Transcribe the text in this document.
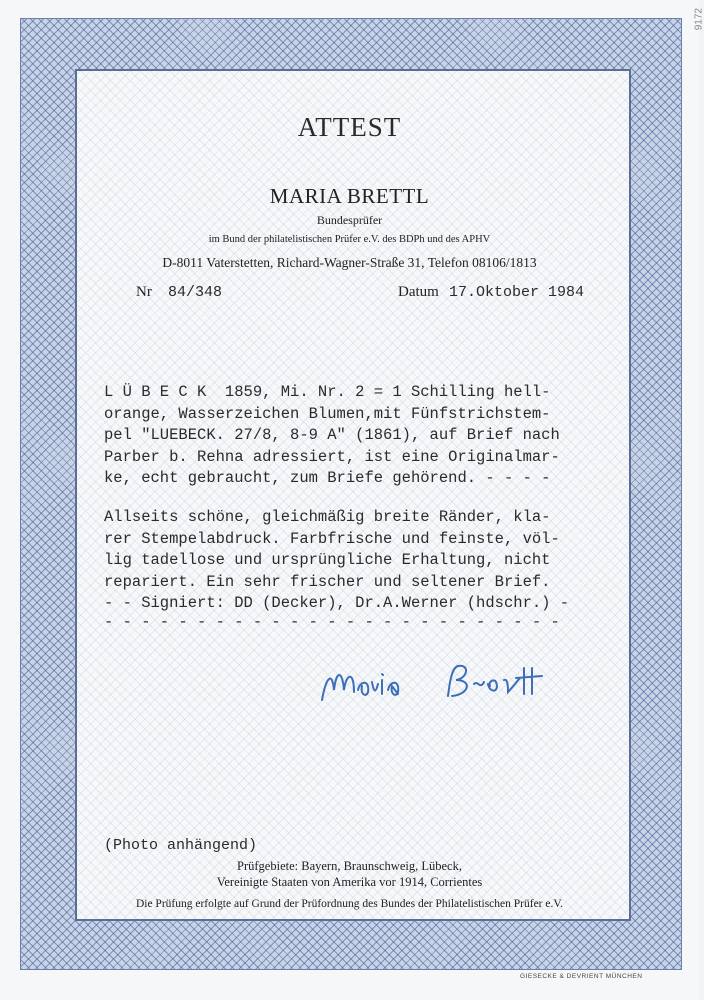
9172
ATTEST
MARIA BRETTL
Bundesprüfer
im Bund der philatelistischen Prüfer e.V. des BDPh und des APHV
D-8011 Vaterstetten, Richard-Wagner-Straße 31, Telefon 08106/1813
Nr 84/348	Datum 17.Oktober 1984
L Ü B E C K  1859, Mi. Nr. 2 = 1 Schilling hell-
orange, Wasserzeichen Blumen,mit Fünfstrichstem-
pel "LUEBECK. 27/8, 8-9 A" (1861), auf Brief nach
Parber b. Rehna adressiert, ist eine Originalmar-
ke, echt gebraucht, zum Briefe gehörend. - - - -
Allseits schöne, gleichmäßig breite Ränder, kla-
rer Stempelabdruck. Farbfrische und feinste, völ-
lig tadellose und ursprüngliche Erhaltung, nicht
repariert. Ein sehr frischer und seltener Brief.
- - Signiert: DD (Decker), Dr.A.Werner (hdschr.) -
- - - - - - - - - - - - - - - - - - - - - - - - -
(Photo anhängend)
Prüfgebiete: Bayern, Braunschweig, Lübeck,
Vereinigte Staaten von Amerika vor 1914, Corrientes
Die Prüfung erfolgte auf Grund der Prüfordnung des Bundes der Philatelistischen Prüfer e.V.
GIESECKE & DEVRIENT MÜNCHEN
